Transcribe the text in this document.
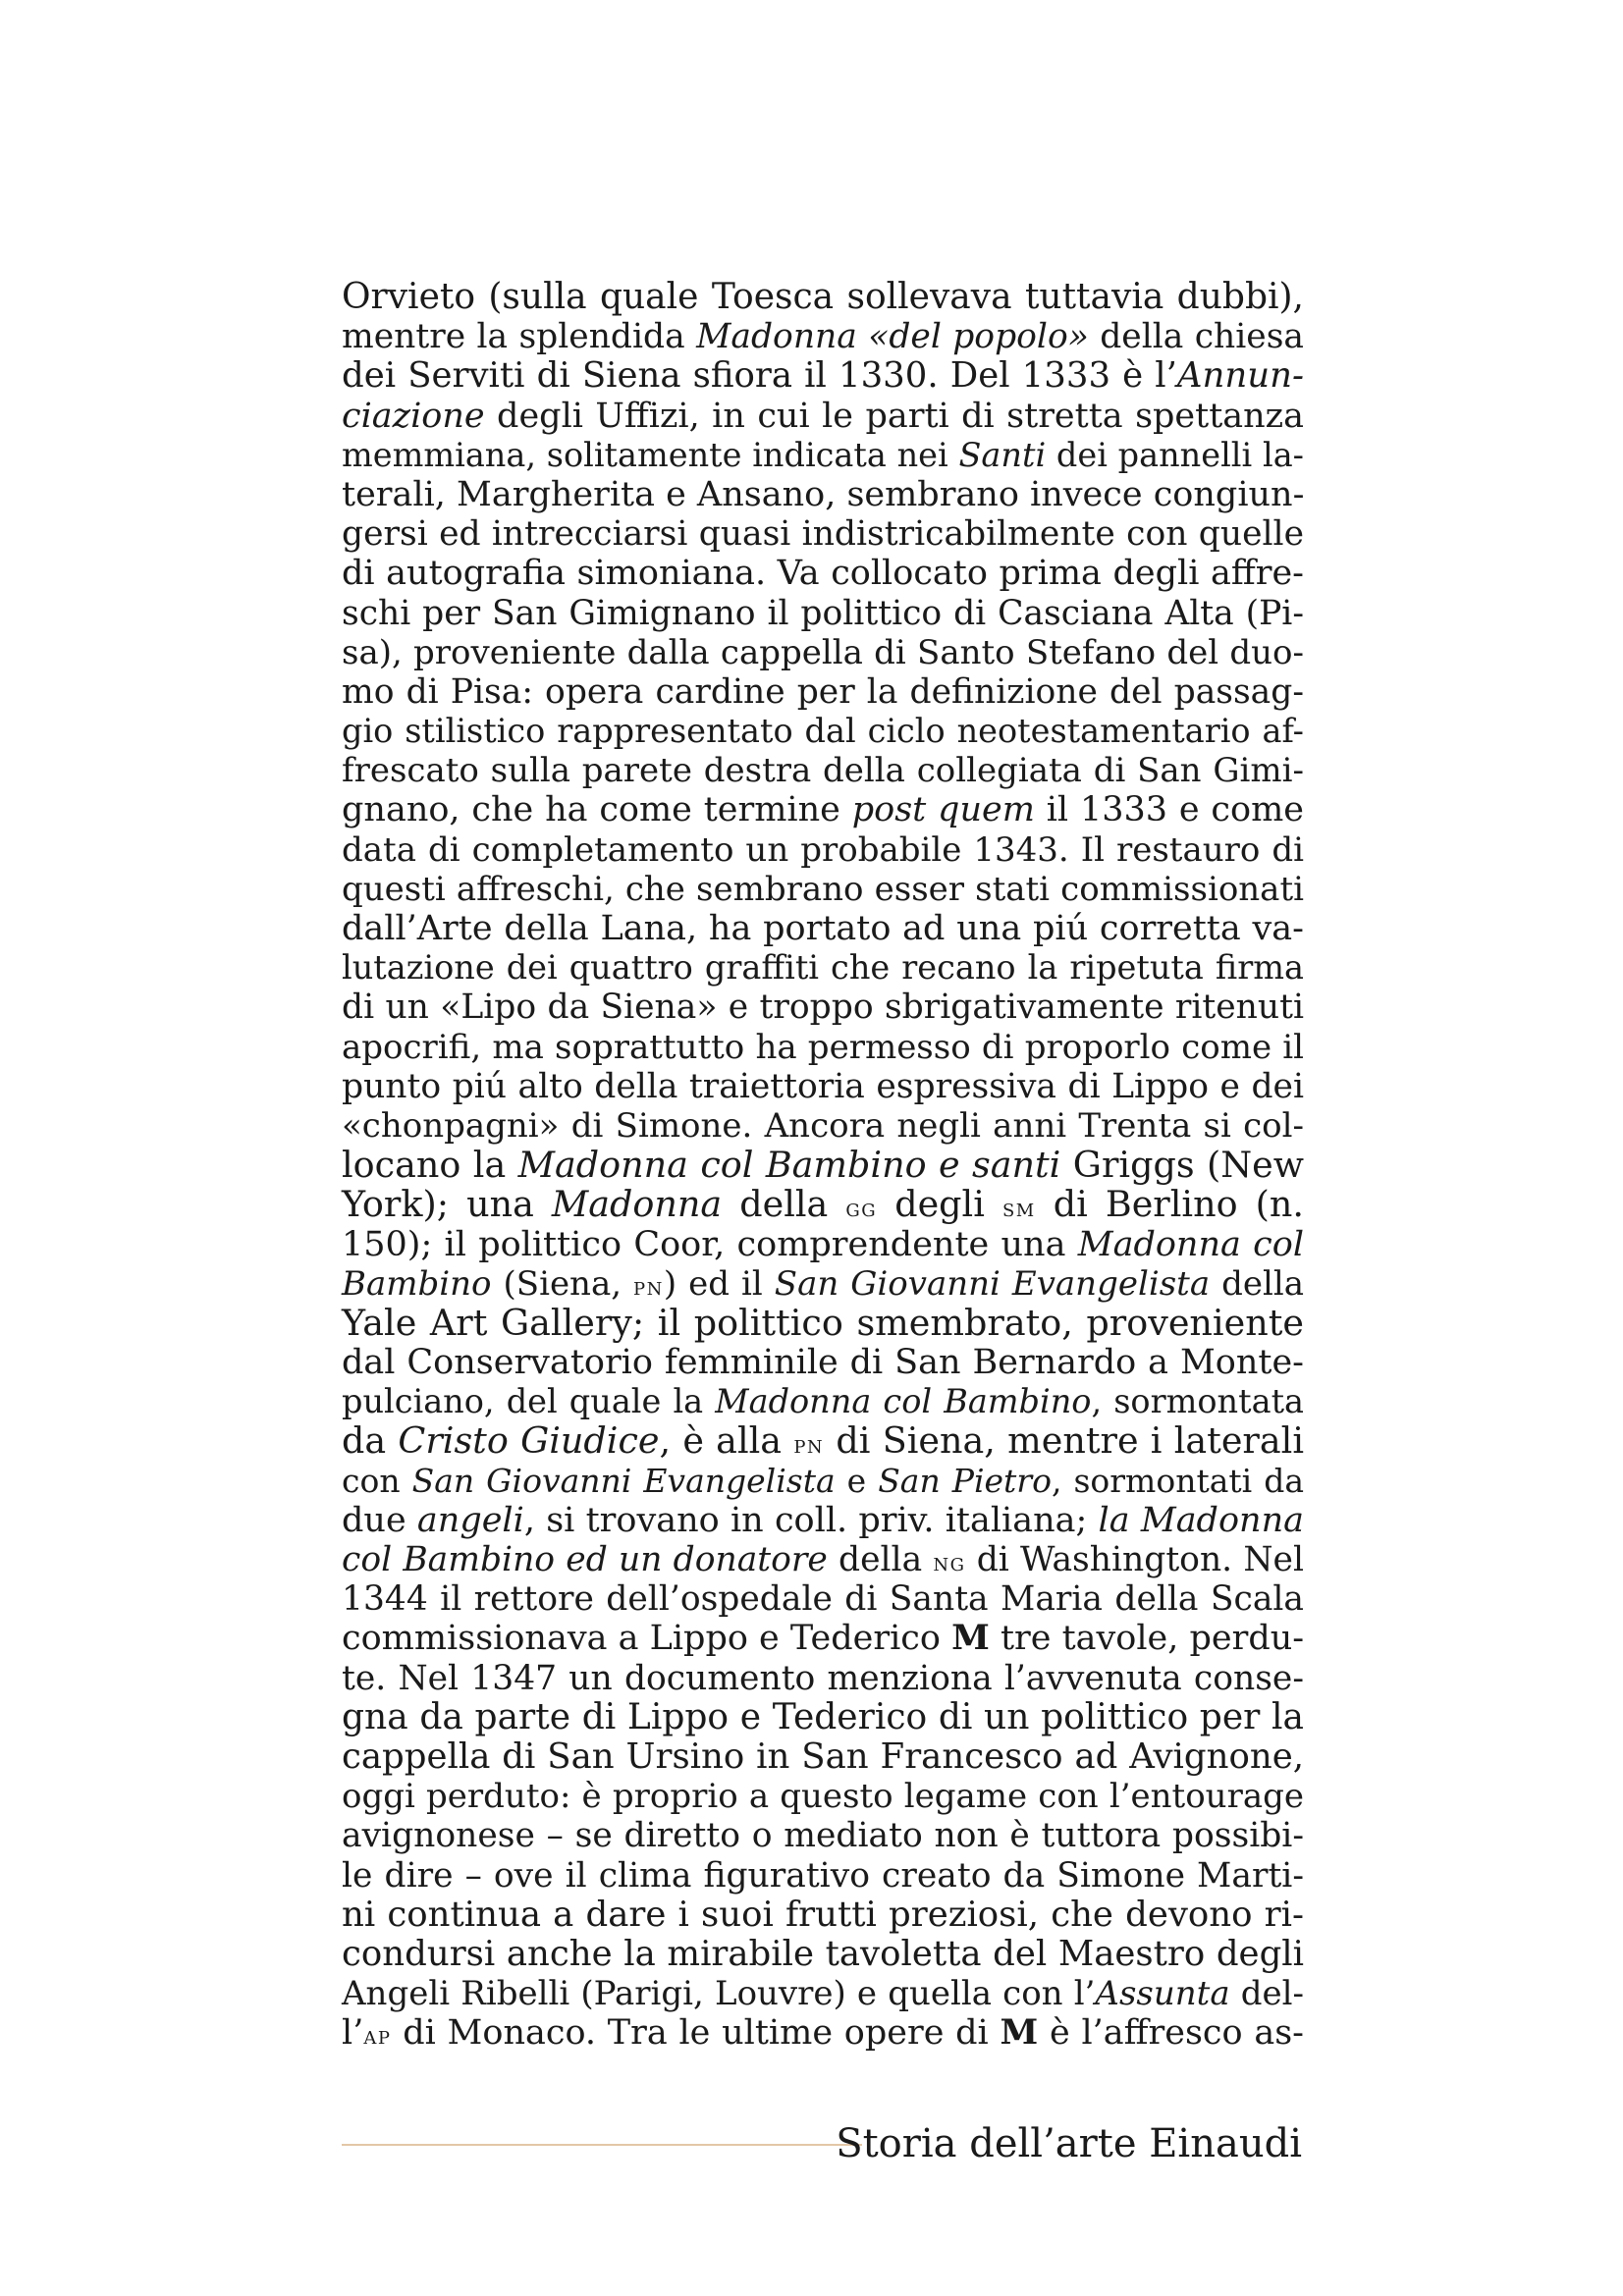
Orvieto (sulla quale Toesca sollevava tuttavia dubbi),
mentre la splendida Madonna «del popolo» della chiesa
dei Serviti di Siena sfiora il 1330. Del 1333 è l’Annun-
ciazione degli Uffizi, in cui le parti di stretta spettanza
memmiana, solitamente indicata nei Santi dei pannelli la-
terali, Margherita e Ansano, sembrano invece congiun-
gersi ed intrecciarsi quasi indistricabilmente con quelle
di autografia simoniana. Va collocato prima degli affre-
schi per San Gimignano il polittico di Casciana Alta (Pi-
sa), proveniente dalla cappella di Santo Stefano del duo-
mo di Pisa: opera cardine per la definizione del passag-
gio stilistico rappresentato dal ciclo neotestamentario af-
frescato sulla parete destra della collegiata di San Gimi-
gnano, che ha come termine post quem il 1333 e come
data di completamento un probabile 1343. Il restauro di
questi affreschi, che sembrano esser stati commissionati
dall’Arte della Lana, ha portato ad una piú corretta va-
lutazione dei quattro graffiti che recano la ripetuta firma
di un «Lipo da Siena» e troppo sbrigativamente ritenuti
apocrifi, ma soprattutto ha permesso di proporlo come il
punto piú alto della traiettoria espressiva di Lippo e dei
«chonpagni» di Simone. Ancora negli anni Trenta si col-
locano la Madonna col Bambino e santi Griggs (New
York); una Madonna della gg degli sm di Berlino (n.
150); il polittico Coor, comprendente una Madonna col
Bambino (Siena, pn) ed il San Giovanni Evangelista della
Yale Art Gallery; il polittico smembrato, proveniente
dal Conservatorio femminile di San Bernardo a Monte-
pulciano, del quale la Madonna col Bambino, sormontata
da Cristo Giudice, è alla pn di Siena, mentre i laterali
con San Giovanni Evangelista e San Pietro, sormontati da
due angeli, si trovano in coll. priv. italiana; la Madonna
col Bambino ed un donatore della ng di Washington. Nel
1344 il rettore dell’ospedale di Santa Maria della Scala
commissionava a Lippo e Tederico M tre tavole, perdu-
te. Nel 1347 un documento menziona l’avvenuta conse-
gna da parte di Lippo e Tederico di un polittico per la
cappella di San Ursino in San Francesco ad Avignone,
oggi perduto: è proprio a questo legame con l’entourage
avignonese – se diretto o mediato non è tuttora possibi-
le dire – ove il clima figurativo creato da Simone Marti-
ni continua a dare i suoi frutti preziosi, che devono ri-
condursi anche la mirabile tavoletta del Maestro degli
Angeli Ribelli (Parigi, Louvre) e quella con l’Assunta del-
l’ap di Monaco. Tra le ultime opere di M è l’affresco as-
Storia dell’arte Einaudi
